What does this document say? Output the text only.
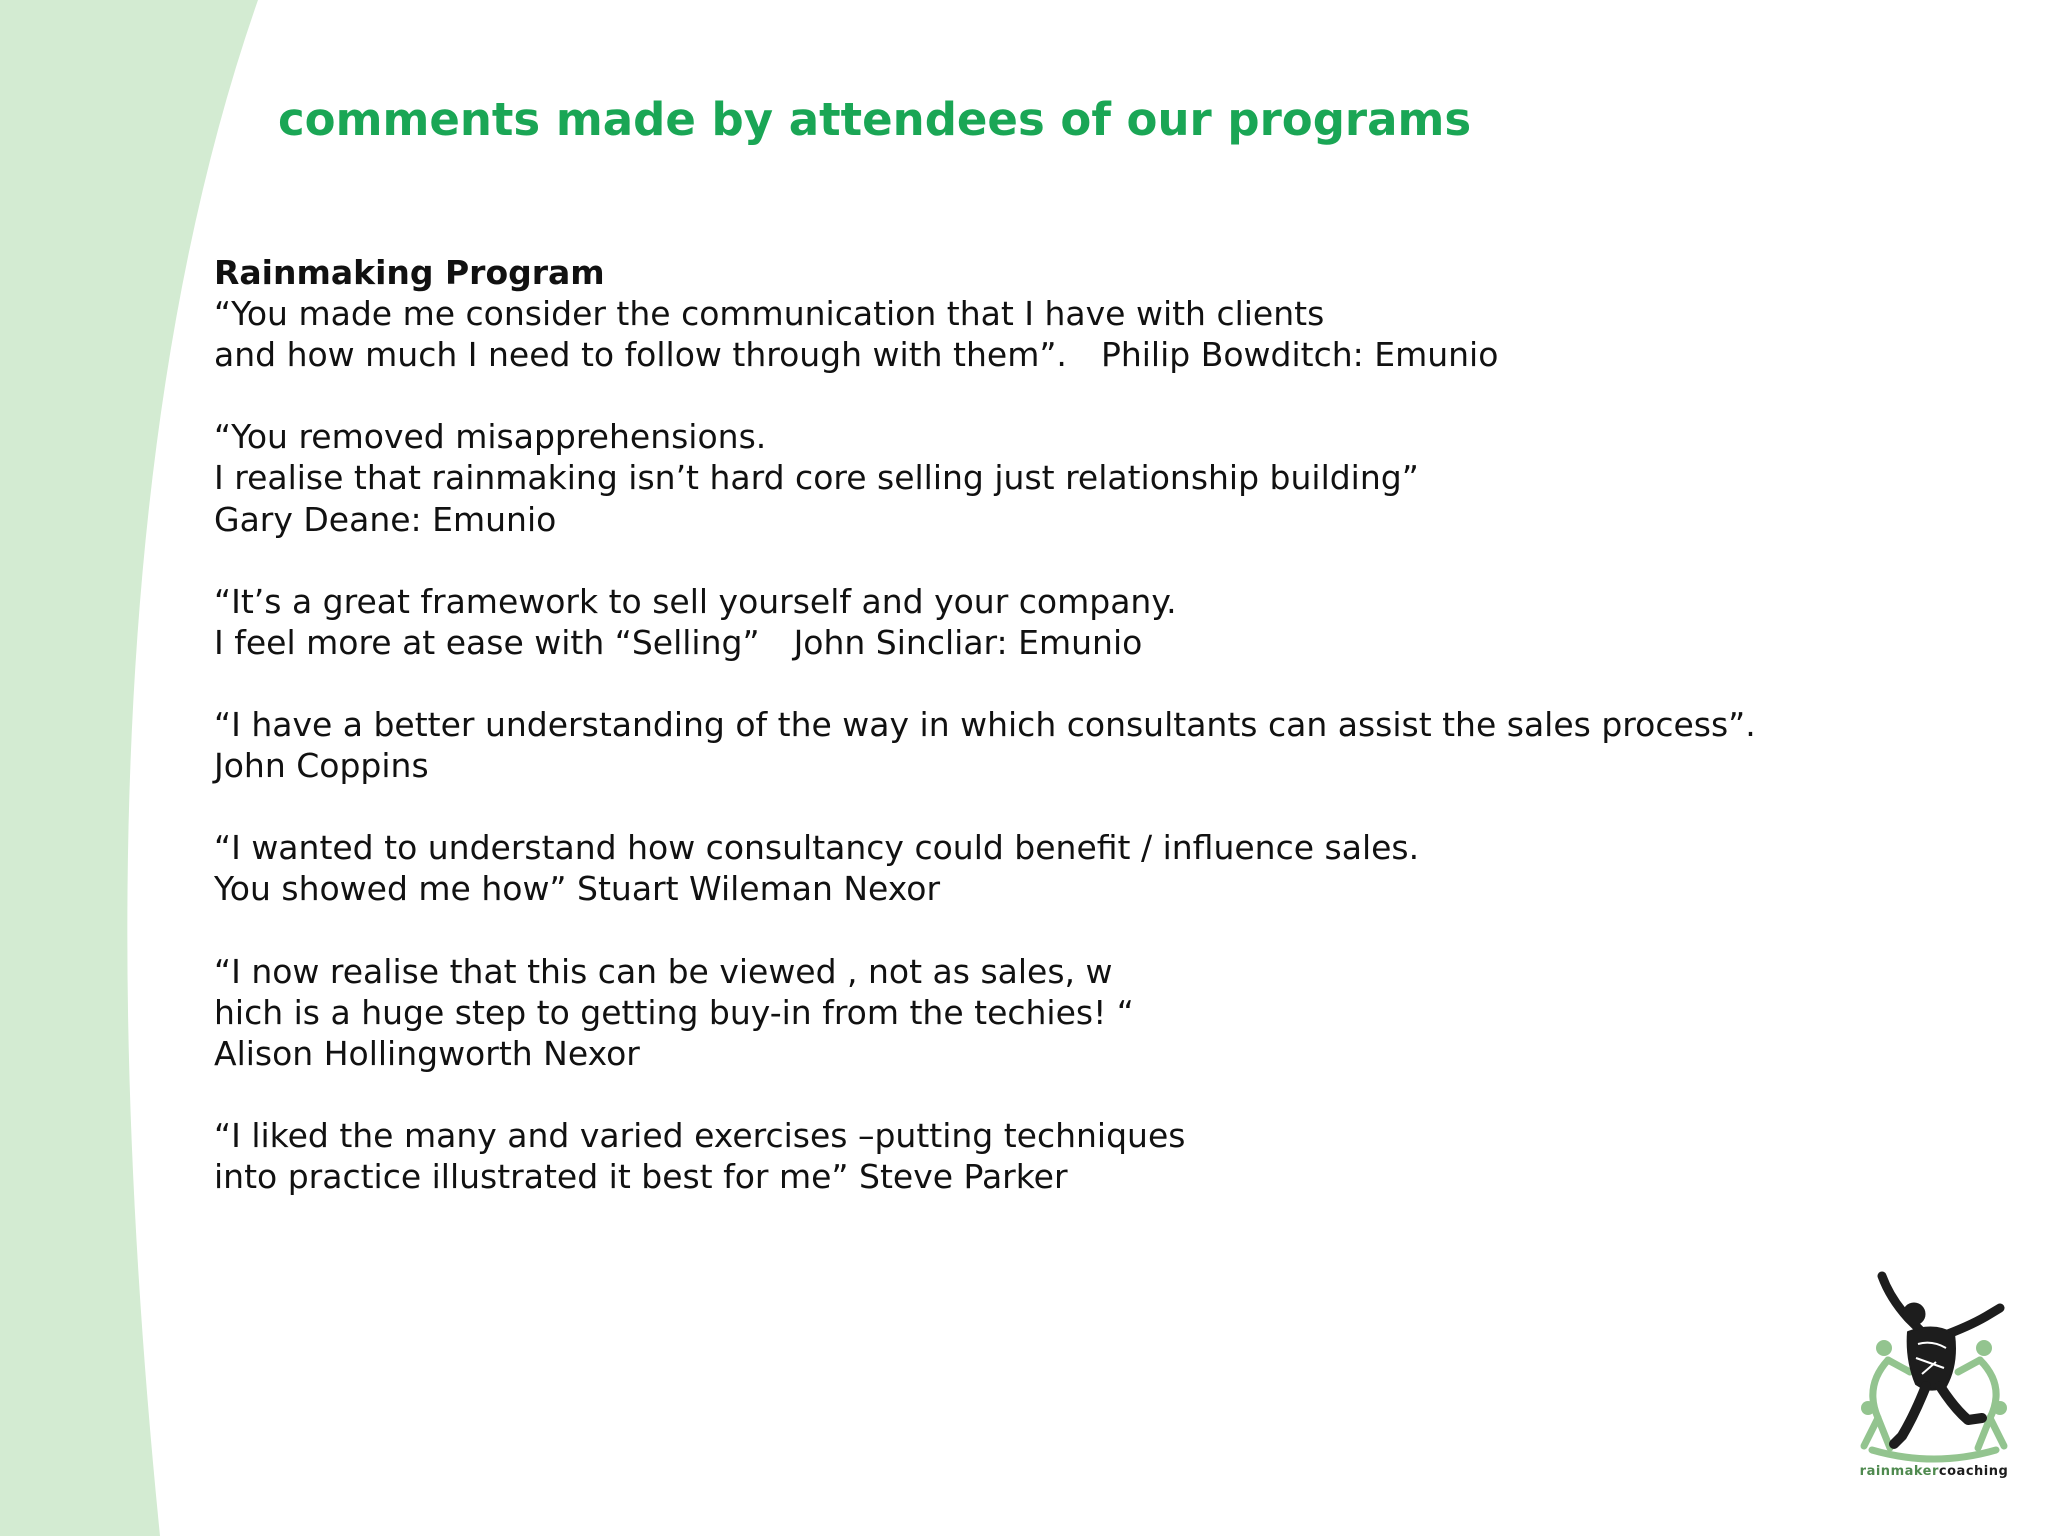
comments made by attendees of our programs
Rainmaking Program
“You made me consider the communication that I have with clients
and how much I need to follow through with them”. Philip Bowditch: Emunio
“You removed misapprehensions.
I realise that rainmaking isn’t hard core selling just relationship building”
Gary Deane: Emunio
“It’s a great framework to sell yourself and your company.
I feel more at ease with “Selling” John Sincliar: Emunio
“I have a better understanding of the way in which consultants can assist the sales process”.
John Coppins
“I wanted to understand how consultancy could benefit / influence sales.
You showed me how” Stuart Wileman Nexor
“I now realise that this can be viewed , not as sales, w
hich is a huge step to getting buy-in from the techies! “
Alison Hollingworth Nexor
“I liked the many and varied exercises –putting techniques
into practice illustrated it best for me” Steve Parker
rainmakercoaching
